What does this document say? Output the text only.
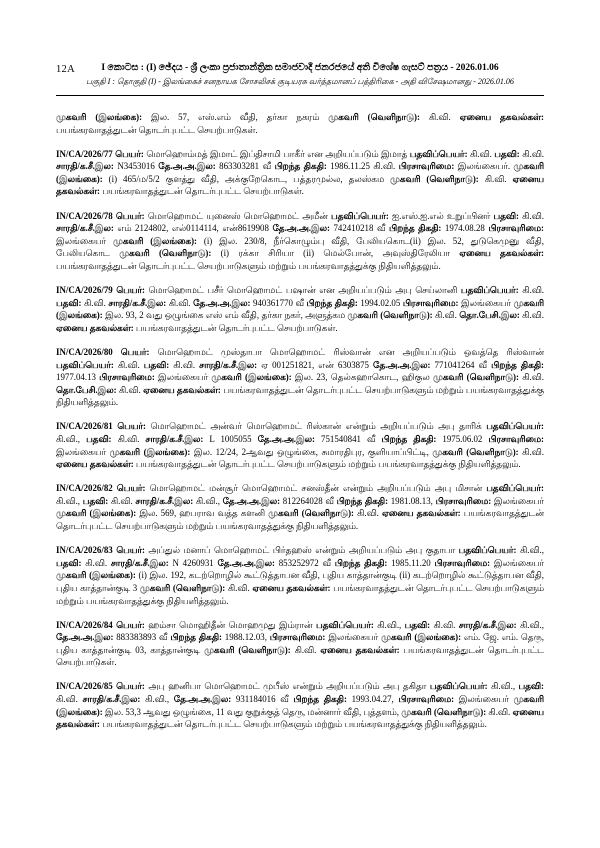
12A	I කොටස : (I) ඡේදය - ශ්‍රී ලංකා ප්‍රජාතාන්ත්‍රික සමාජවාදී ජනරජයේ අති විශේෂ ගැසට් පත්‍රය - 2026.01.06
பகுதி I : தொகுதி (I) - இலங்கைச் சனநாயக சோசலிசக் குடியரசு வர்த்தமானப் பத்திரிகை - அதி விசேஷமானது - 2026.01.06

முகவரி (இலங்கை): இல. 57, எஸ்.எம் வீதி, தர்கா நகரம் முகவரி (வெளிநாடு): கி.வி. ஏனைய தகவல்கள்: பயங்கரவாதத்துடன் தொடர்புபட்ட செயற்பாடுகள்.

IN/CA/2026/77 பெயர்: மொஹொம்மத் இமாட் இப்திசாமி பாகீர் என அறியப்படும் இமாத் பதவிப்பெயர்: கி.வி. பதவி: கி.வி. சாரதி/க.சீ.இல: N3453016 தே.அ.அ.இல: 863303281 வீ பிறந்த திகதி: 1986.11.25 கி.வி. பிரசாவுரிமை: இலங்கையர். முகவரி (இலங்கை): (i) 465/ம/5/2 குளத்து வீதி, அக்குறேகொட, பத்தரமுல்ல, தலஸ்கம முகவரி (வெளிநாடு): கி.வி. ஏனைய தகவல்கள்: பயங்கரவாதத்துடன் தொடர்புபட்ட செயற்பாடுகள்.

IN/CA/2026/78 பெயர்: மொஹொமட் யுனைஸ் மொஹொமட் அமீன் பதவிப்பெயர்: ஐ.எஸ்.ஐ.எல் உறுப்பினர் பதவி: கி.வி. சாரதி/க.சீ.இல: எம் 2124802, எல்0114114, என்8619908 தே.அ.அ.இல: 742410218 வீ பிறந்த திகதி: 1974.08.28 பிரசாவுரிமை: இலங்கையர் முகவரி (இலங்கை): (i) இல. 230/8, நீர்கொழும்பு வீதி, பேலியகொட(ii) இல. 52, துடுகெமுனு வீதி, பேலியகொட முகவரி (வெளிநாடு): (i) ரக்கா சிரியா (ii) மெல்போன், அவுஸ்திரேலியா ஏனைய தகவல்கள்: பயங்கரவாதத்துடன் தொடர்புபட்ட செயற்பாடுகளும் மற்றும் பயங்கரவாதத்துக்கு நிதியளித்தலும்.

IN/CA/2026/79 பெயர்: மொஹொமட் பசீர் மொஹொமட் பஷான் என அறியப்படும் அபு செய்லானி பதவிப்பெயர்: கி.வி. பதவி: கி.வி. சாரதி/க.சீ.இல: கி.வி. தே.அ.அ.இல: 940361770 வீ பிறந்த திகதி: 1994.02.05 பிரசாவுரிமை: இலங்கையர் முகவரி (இலங்கை): இல. 93, 2 வது ஒழுங்கை எஸ் எம் வீதி, தர்கா நகர், அளுத்கம முகவரி (வெளிநாடு): கி.வி. தொ.பேசி.இல: கி.வி. ஏனைய தகவல்கள்: பயங்கரவாதத்துடன் தொடர்புபட்ட செயற்பாடுகள்.

IN/CA/2026/80 பெயர்: மொஹொமட் முஸ்தாபா மொஹொமட் ரிஸ்வான் என அறியப்படும் ஒவத்தெ ரிஸ்வான் பதவிப்பெயர்: கி.வி. பதவி: கி.வி. சாரதி/க.சீ.இல: ஏ 001251821, என் 6303875 தே.அ.அ.இல: 771041264 வீ பிறந்த திகதி: 1977.04.13 பிரசாவுரிமை: இலங்கையர் முகவரி (இலங்கை): இல. 23, தெல்கஹாகொட, ஹிகுல முகவரி (வெளிநாடு): கி.வி. தொ.பேசி.இல: கி.வி. ஏனைய தகவல்கள்: பயங்கரவாதத்துடன் தொடர்புபட்ட செயற்பாடுகளும் மற்றும் பயங்கரவாதத்துக்கு நிதியளித்தலும்.

IN/CA/2026/81 பெயர்: மொஹொமட் அன்வர் மொஹொமட் ரிஸ்கான் என்றும் அறியப்படும் அபு தாரிக் பதவிப்பெயர்: கி.வி., பதவி: கி.வி. சாரதி/க.சீ.இல: L 1005055 தே.அ.அ.இல: 751540841 வீ பிறந்த திகதி: 1975.06.02 பிரசாவுரிமை: இலங்கையர் முகவரி (இலங்கை): இல. 12/24, 2ஆவது ஒழுங்கை, சுமாரதிபுர, குளியாப்பிட்டி, முகவரி (வெளிநாடு): கி.வி. ஏனைய தகவல்கள்: பயங்கரவாதத்துடன் தொடர்புபட்ட செயற்பாடுகளும் மற்றும் பயங்கரவாதத்துக்கு நிதியளித்தலும்.

IN/CA/2026/82 பெயர்: மொஹொமட் மன்சூர் மொஹொமட் சனஸ்தீன் என்றும் அறியப்படும் அபு மிசான் பதவிப்பெயர்: கி.வி., பதவி: கி.வி. சாரதி/க.சீ.இல: கி.வி., தே.அ.அ.இல: 812264028 வீ பிறந்த திகதி: 1981.08.13, பிரசாவுரிமை: இலங்கையர் முகவரி (இலங்கை): இல. 569, ஹபராவ வத்த களனி முகவரி (வெளிநாடு): கி.வி. ஏனைய தகவல்கள்: பயங்கரவாதத்துடன் தொடர்புபட்ட செயற்பாடுகளும் மற்றும் பயங்கரவாதத்துக்கு நிதியளித்தலும்.

IN/CA/2026/83 பெயர்: அப்துல் மனாப் மொஹொமட் பிர்தஹஸ் என்றும் அறியப்படும் அபு குதாபா பதவிப்பெயர்: கி.வி., பதவி: கி.வி. சாரதி/க.சீ.இல: N 4260931 தே.அ.அ.இல: 853252972 வீ பிறந்த திகதி: 1985.11.20 பிரசாவுரிமை: இலங்கையர் முகவரி (இலங்கை): (i) இல. 192, கடற்றொழில் கூட்டுத்தாபன வீதி, புதிய காத்தான்குடி (ii) கடற்றொழில் கூட்டுத்தாபன வீதி, புதிய காத்தான்குடி 3 முகவரி (வெளிநாடு): கி.வி. ஏனைய தகவல்கள்: பயங்கரவாதத்துடன் தொடர்புபட்ட செயற்பாடுகளும் மற்றும் பயங்கரவாதத்துக்கு நிதியளித்தலும்.

IN/CA/2026/84 பெயர்: ஹம்சா மொஹிதீன் மொஹமுது இம்ரான் பதவிப்பெயர்: கி.வி., பதவி: கி.வி. சாரதி/க.சீ.இல: கி.வி., தே.அ.அ.இல: 883383893 வீ பிறந்த திகதி: 1988.12.03, பிரசாவுரிமை: இலங்கையர் முகவரி (இலங்கை): எம். ஜே. எம். தெரு, புதிய காத்தான்குடி 03, காத்தான்குடி முகவரி (வெளிநாடு): கி.வி. ஏனைய தகவல்கள்: பயங்கரவாதத்துடன் தொடர்புபட்ட செயற்பாடுகள்.

IN/CA/2026/85 பெயர்: அபு ஹனிபா மொஹொமட் முபீஸ் என்றும் அறியப்படும் அபு தகிதா பதவிப்பெயர்: கி.வி., பதவி: கி.வி. சாரதி/க.சீ.இல: கி.வி., தே.அ.அ.இல: 931184016 வீ பிறந்த திகதி: 1993.04.27, பிரசாவுரிமை: இலங்கையர் முகவரி (இலங்கை): இல. 53,3 ஆவது ஒழுங்கை, 11 வது குறுக்குத் தெரு, மன்னார் வீதி, புத்தளம், முகவரி (வெளிநாடு): கி.வி. ஏனைய தகவல்கள்: பயங்கரவாதத்துடன் தொடர்புபட்ட செயற்பாடுகளும் மற்றும் பயங்கரவாதத்துக்கு நிதியளித்தலும்.
